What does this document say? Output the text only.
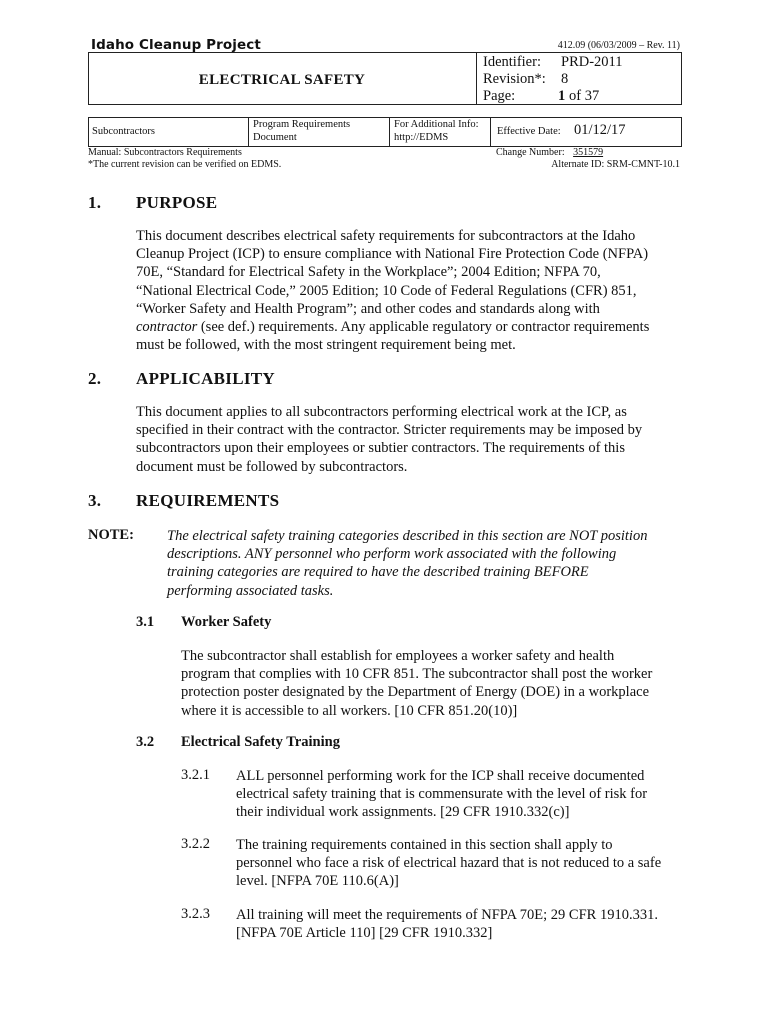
Idaho Cleanup Project	412.09 (06/03/2009 – Rev. 11)
ELECTRICAL SAFETY
Identifier: PRD-2011
Revision*: 8
Page:	1 of 37
Subcontractors
Program Requirements
Document
For Additional Info:
http://EDMS
Effective Date: 01/12/17
Manual: Subcontractors Requirements
*The current revision can be verified on EDMS.
Change Number: 351579
Alternate ID: SRM-CMNT-10.1
1. PURPOSE

This document describes electrical safety requirements for subcontractors at the Idaho

Cleanup Project (ICP) to ensure compliance with National Fire Protection Code (NFPA)

70E, “Standard for Electrical Safety in the Workplace”; 2004 Edition; NFPA 70,

“National Electrical Code,” 2005 Edition; 10 Code of Federal Regulations (CFR) 851,

“Worker Safety and Health Program”; and other codes and standards along with

contractor (see def.) requirements. Any applicable regulatory or contractor requirements

must be followed, with the most stringent requirement being met.

2. APPLICABILITY

This document applies to all subcontractors performing electrical work at the ICP, as

specified in their contract with the contractor. Stricter requirements may be imposed by

subcontractors upon their employees or subtier contractors. The requirements of this

document must be followed by subcontractors.

3. REQUIREMENTS
NOTE: The electrical safety training categories described in this section are NOT position

descriptions. ANY personnel who perform work associated with the following

training categories are required to have the described training BEFORE

performing associated tasks.

3.1 Worker Safety

The subcontractor shall establish for employees a worker safety and health

program that complies with 10 CFR 851. The subcontractor shall post the worker

protection poster designated by the Department of Energy (DOE) in a workplace

where it is accessible to all workers. [10 CFR 851.20(10)]

3.2 Electrical Safety Training
3.2.1 ALL personnel performing work for the ICP shall receive documented

electrical safety training that is commensurate with the level of risk for

their individual work assignments. [29 CFR 1910.332(c)]

3.2.2 The training requirements contained in this section shall apply to

personnel who face a risk of electrical hazard that is not reduced to a safe

level. [NFPA 70E 110.6(A)]

3.2.3 All training will meet the requirements of NFPA 70E; 29 CFR 1910.331.

[NFPA 70E Article 110] [29 CFR 1910.332]
